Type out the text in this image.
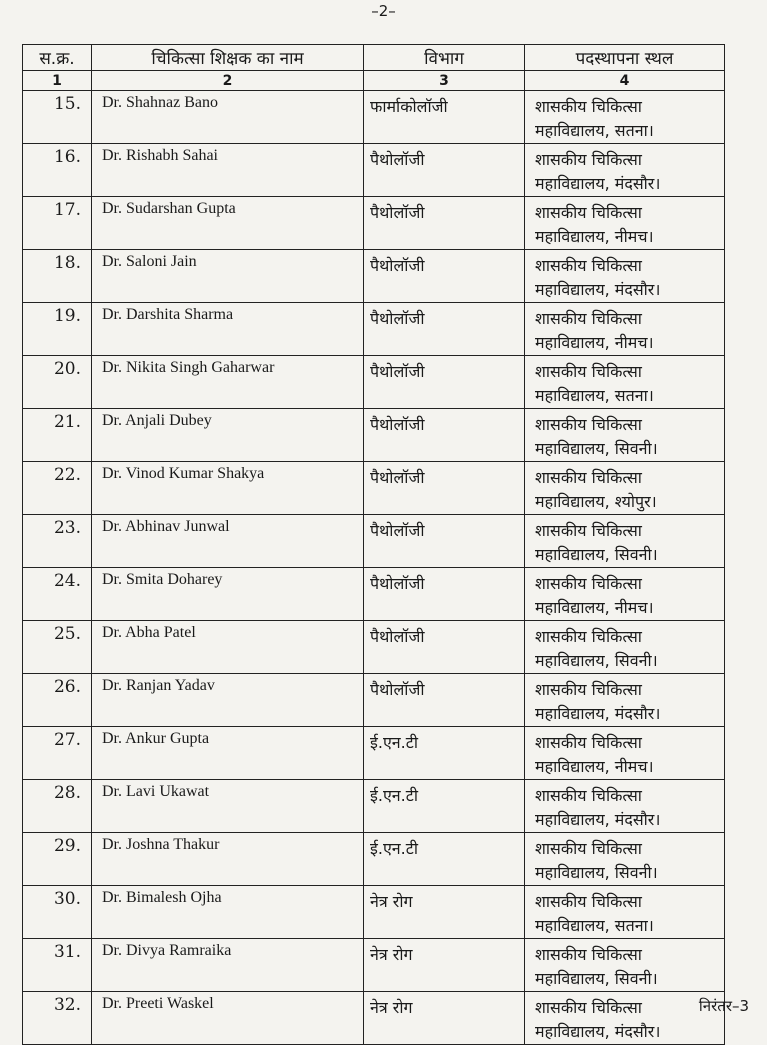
–2–
स.क्र.	चिकित्सा शिक्षक का नाम	विभाग	पदस्थापना स्थल
1	2	3	4
15.	Dr. Shahnaz Bano	फार्माकोलॉजी	शासकीय चिकित्सा
महाविद्यालय, सतना।

16.	Dr. Rishabh Sahai	पैथोलॉजी	शासकीय चिकित्सा
महाविद्यालय, मंदसौर।

17.	Dr. Sudarshan Gupta	पैथोलॉजी	शासकीय चिकित्सा
महाविद्यालय, नीमच।

18.	Dr. Saloni Jain	पैथोलॉजी	शासकीय चिकित्सा
महाविद्यालय, मंदसौर।

19.	Dr. Darshita Sharma	पैथोलॉजी	शासकीय चिकित्सा
महाविद्यालय, नीमच।

20.	Dr. Nikita Singh Gaharwar	पैथोलॉजी	शासकीय चिकित्सा
महाविद्यालय, सतना।

21.	Dr. Anjali Dubey	पैथोलॉजी	शासकीय चिकित्सा
महाविद्यालय, सिवनी।

22.	Dr. Vinod Kumar Shakya	पैथोलॉजी	शासकीय चिकित्सा
महाविद्यालय, श्योपुर।

23.	Dr. Abhinav Junwal	पैथोलॉजी	शासकीय चिकित्सा
महाविद्यालय, सिवनी।

24.	Dr. Smita Doharey	पैथोलॉजी	शासकीय चिकित्सा
महाविद्यालय, नीमच।

25.	Dr. Abha Patel	पैथोलॉजी	शासकीय चिकित्सा
महाविद्यालय, सिवनी।

26.	Dr. Ranjan Yadav	पैथोलॉजी	शासकीय चिकित्सा
महाविद्यालय, मंदसौर।

27.	Dr. Ankur Gupta	ई.एन.टी	शासकीय चिकित्सा
महाविद्यालय, नीमच।

28.	Dr. Lavi Ukawat	ई.एन.टी	शासकीय चिकित्सा
महाविद्यालय, मंदसौर।

29.	Dr. Joshna Thakur	ई.एन.टी	शासकीय चिकित्सा
महाविद्यालय, सिवनी।

30.	Dr. Bimalesh Ojha	नेत्र रोग	शासकीय चिकित्सा
महाविद्यालय, सतना।

31.	Dr. Divya Ramraika	नेत्र रोग	शासकीय चिकित्सा
महाविद्यालय, सिवनी।

32.	Dr. Preeti Waskel	नेत्र रोग	शासकीय चिकित्सा
महाविद्यालय, मंदसौर।
निरंतर–3
